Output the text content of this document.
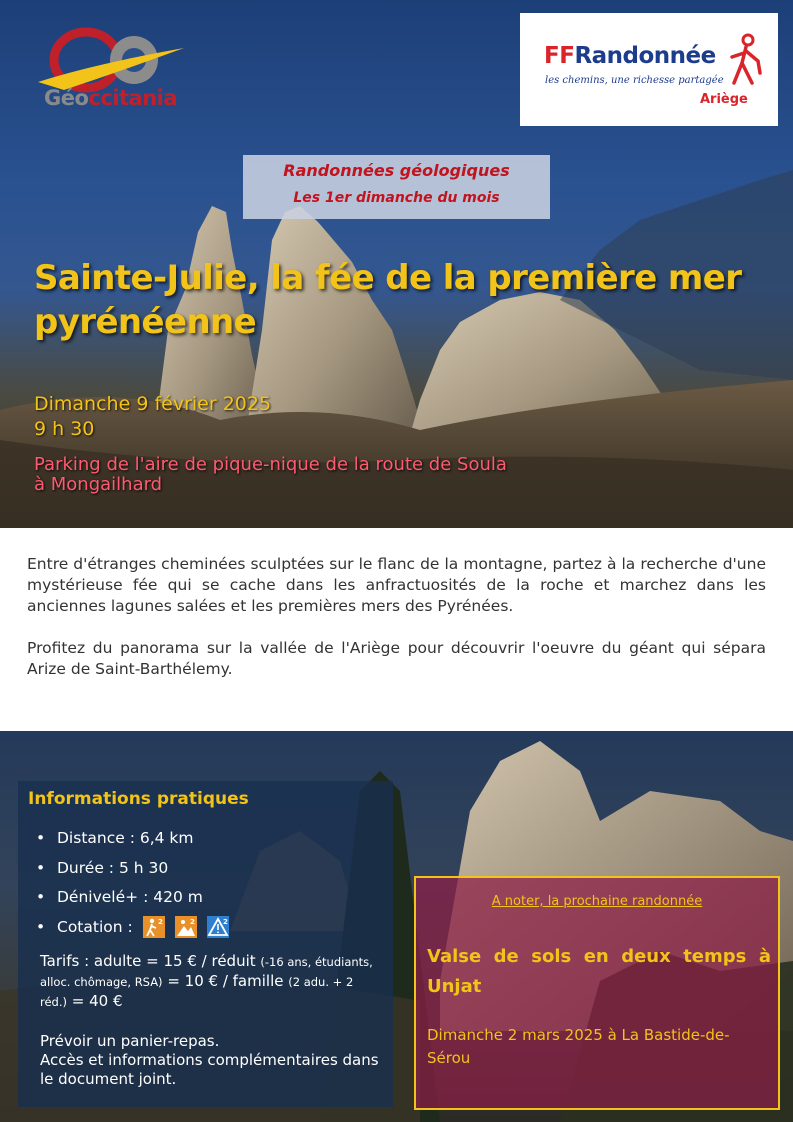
Géoccitania
FFRandonnée
les chemins, une richesse partagée
Ariège
Randonnées géologiques
Les 1er dimanche du mois
Sainte-Julie, la fée de la première mer pyrénéenne
Dimanche 9 février 2025
9 h 30
Parking de l'aire de pique-nique de la route de Soula
à Mongailhard

Entre d'étranges cheminées sculptées sur le flanc de la montagne, partez à la recherche d'une mystérieuse fée qui se cache dans les anfractuosités de la roche et marchez dans les anciennes lagunes salées et les premières mers des Pyrénées.

Profitez du panorama sur la vallée de l'Ariège pour découvrir l'oeuvre du géant qui sépara Arize de Saint-Barthélemy.

Informations pratiques
• Distance : 6,4 km
• Durée : 5 h 30
• Dénivelé+ : 420 m
• Cotation :	2	2	2
Tarifs : adulte = 15 € / réduit (-16 ans, étudiants, alloc. chômage, RSA) = 10 € / famille (2 adu. + 2 réd.) = 40 €
Prévoir un panier-repas.
Accès et informations complémentaires dans le document joint.
A noter, la prochaine randonnée
Valse de sols en deux temps à Unjat
Dimanche 2 mars 2025 à La Bastide-de-Sérou
